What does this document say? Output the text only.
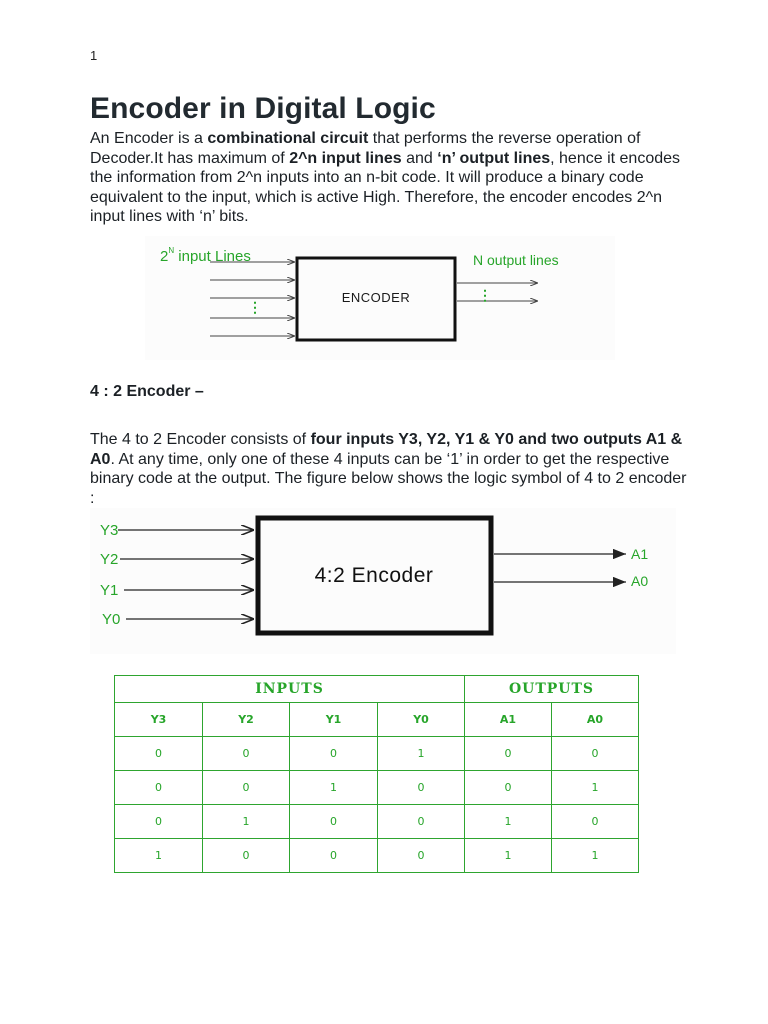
1
Encoder in Digital Logic
An Encoder is a combinational circuit that performs the reverse operation of Decoder.It has maximum of 2^n input lines and ‘n’ output lines, hence it encodes the information from 2^n inputs into an n-bit code. It will produce a binary code equivalent to the input, which is active High. Therefore, the encoder encodes 2^n input lines with ‘n’ bits.
$2^N$ input Lines
⋮
ENCODER
N output lines
⋮
4 : 2 Encoder –
The 4 to 2 Encoder consists of four inputs Y3, Y2, Y1 & Y0 and two outputs A1 & A0. At any time, only one of these 4 inputs can be ‘1’ in order to get the respective binary code at the output. The figure below shows the logic symbol of 4 to 2 encoder :
Y3
Y2
Y1
Y0
4:2 Encoder
A1
A0
INPUTS				OUTPUTS	
Y3	Y2	Y1	Y0	A1	A0
0	0	0	1	0	0
0	0	1	0	0	1
0	1	0	0	1	0
1	0	0	0	1	1
